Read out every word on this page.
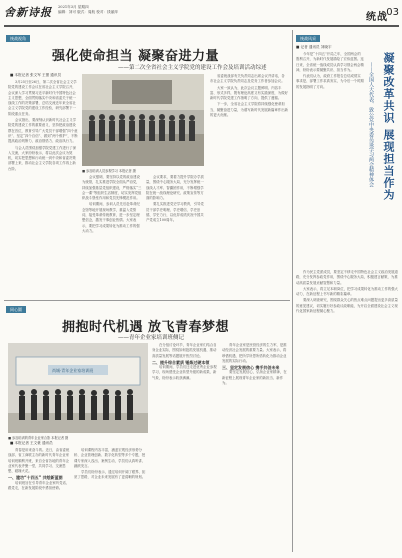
舍新诗报 2021年3月 星期四
编辑：刘可 版式：周航 校对：钱丽萍	统战
03
统战视角
强化使命担当 凝聚奋进力量
——第二次全省社会主义学院党的建设工作会及培训活动综述
■ 本报记者 张文军 王蕾 通讯员

3月25日至26日，第二次全省社会主义学院党的建设工作会议在省社会主义学院召开，会议深入学习贯彻习近平新时代中国特色社会主义思想，全面贯彻落实中央和省委关于统一战线工作的决策部署，总结交流近年来全省社会主义学院党的建设工作经验，研究部署下一阶段重点任务。

会议指出，要深刻认识新时代社会主义学院党的建设工作的重要意义，坚持把政治建设摆在首位，教育引导广大党员干部增强“四个意识”、坚定“四个自信”、做到“两个维护”，不断提高政治判断力、政治领悟力、政治执行力。

与会人员围绕加强学院党建工作进行了深入交流，大家纷纷表示，将以此次会议为契机，切实把思想和行动统一到中央和省委决策部署上来，推动社会主义学院各项工作再上新台阶。

■ 参加培训人员参观学习 本报记者 摄

会议强调，要坚持以党的政治建设为统领，扎实推进学院全面从严治党，持续加强基层党组织建设，严格落实“三会一课”等组织生活制度，切实发挥党组织战斗堡垒作用和党员先锋模范作用。

培训期间，参训人员先后赴革命纪念馆等地开展现场教学，重温入党誓词，接受革命传统教育，进一步坚定理想信念，激发干事创业热情。大家表示，要把学习成果转化为推动工作的强大动力。

会议要求，要着力提升学院办学质量，围绕中心服务大局，充分发挥统一战线人才库、智囊团作用，不断增强学院在统一战线理论研究、政策宣传等方面的影响力。

要扎实推进党史学习教育，引导党员干部学史明理、学史增信、学史崇德、学史力行，以优异成绩庆祝中国共产党成立100周年。

省委统战部有关负责同志出席会议并讲话，各市社会主义学院负责同志及党务工作者参加会议。

大家一致认为，此次会议主题鲜明、内容丰富、形式多样，既有理论高度又有实践深度，为做好新时代学院党建工作指明了方向，提供了遵循。

下一步，全省社会主义学院将持续强化使命担当，凝聚奋进力量，为谱写新时代发展新篇章作出新的更大贡献。

同心圆
拥抱时代机遇 放飞青春梦想
——青年企业家培训班侧记
尚城·青年企业家培训班
■ 参加培训的青年企业家合影 本报记者 摄
■ 本报记者 王文豪 通讯员

青春是用来奋斗的。近日，由省委统战部、省工商联主办的新时代青年企业家培训班顺利开班，来自全省各地的青年企业家代表齐聚一堂，共同学习、交流思想、碰撞火花。

一、建功“十四五” 共绘新蓝图

培训班旨在引导青年企业家听党话、跟党走，在新发展阶段中勇担使命。

培训课程内容丰富，涵盖宏观经济形势分析、企业管理创新、数字化转型等多个专题，授课专家深入浅出、案例生动，学员们认真听讲、踊跃发言。

学员们纷纷表示，通过培训开阔了眼界、拓宽了思路，对企业未来发展有了更清晰的规划。

在分组讨论环节，青年企业家们结合自身企业实际，围绕如何抢抓发展机遇、推动高质量发展等话题展开热烈讨论。

二、提升综合素质 锤炼过硬本领

培训期间，学员们还走进优秀企业参观学习，现场感受企业转型升级的新成果、新气象，纷纷表示收获满满。

青年企业家是民营经济的生力军，是推动经济社会发展的重要力量。大家表示，将珍惜机遇，把所学所思所悟转化为推动企业发展的实际行动。

三、坚定发展信心 携手共创未来

要坚定发展信心，弘扬企业家精神，在新征程上展现青年企业家的新担当、新作为。

统战风采
■ 记者 通讯员 刘晓宇

今年是“十四五”开局之年，全国两会的胜利召开，为新时代发展描绘了宏伟蓝图。连日来，全省统一战线成员认真学习领会两会精神，纷纷表示要凝聚共识、担当作为。

代表们认为，政府工作报告总结成绩实事求是、部署工作求真务实，为今后一个时期的发展指明了方向。	凝聚改革共识 展现担当作为
——全国人大代表、致公党中央委员谈学习两会精神体会

作为民主党派成员，要坚定不移走中国特色社会主义政治发展道路，充分发挥参政党作用，围绕中心服务大局，积极建言献策，为推动高质量发展贡献智慧和力量。

大家表示，将立足本职岗位，把学习成果转化为推动工作的强大动力，在新征程上书写新的精彩篇章。

要深入调查研究，围绕群众关心的热点难点问题提出更多高质量的意见建议，切实履行好参政议政职能，为开启全面建设社会主义现代化国家新征程凝心聚力。
